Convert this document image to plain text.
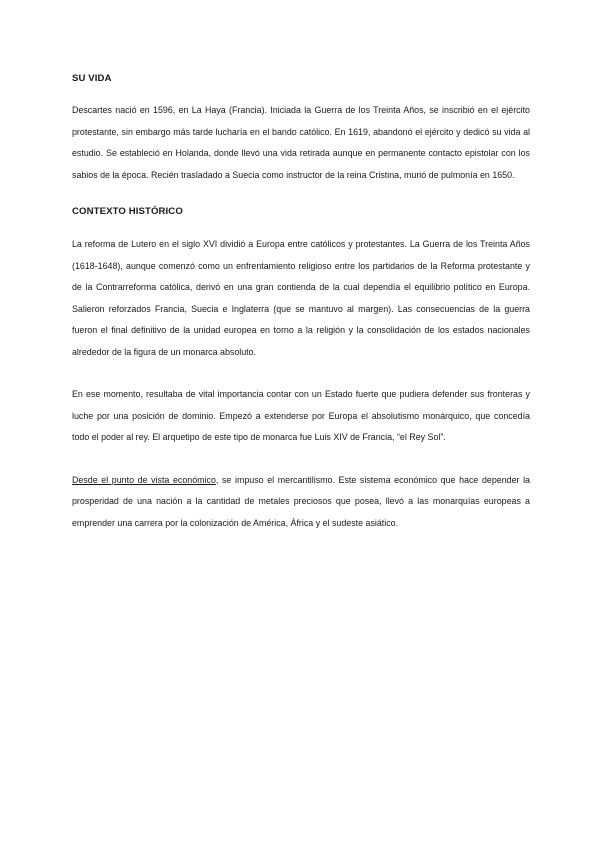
SU VIDA

Descartes nació en 1596, en La Haya (Francia). Iniciada la Guerra de los Treinta Años, se inscribió en el ejército protestante, sin embargo más tarde lucharía en el bando católico. En 1619, abandonó el ejército y dedicó su vida al estudio. Se estableció en Holanda, donde llevó una vida retirada aunque en permanente contacto epistolar con los sabios de la época. Recién trasladado a Suecia como instructor de la reina Cristina, murió de pulmonía en 1650.

CONTEXTO HISTÓRICO

La reforma de Lutero en el siglo XVI dividió a Europa entre católicos y protestantes. La Guerra de los Treinta Años (1618-1648), aunque comenzó como un enfrentamiento religioso entre los partidarios de la Reforma protestante y de la Contrarreforma católica, derivó en una gran contienda de la cual dependía el equilibrio político en Europa. Salieron reforzados Francia, Suecia e Inglaterra (que se mantuvo al margen). Las consecuencias de la guerra fueron el final definitivo de la unidad europea en torno a la religión y la consolidación de los estados nacionales alrededor de la figura de un monarca absoluto.

En ese momento, resultaba de vital importancia contar con un Estado fuerte que pudiera defender sus fronteras y luche por una posición de dominio. Empezó a extenderse por Europa el absolutismo monárquico, que concedía todo el poder al rey. El arquetipo de este tipo de monarca fue Luis XIV de Francia, “el Rey Sol”.

Desde el punto de vista económico, se impuso el mercantilismo. Este sistema económico que hace depender la prosperidad de una nación a la cantidad de metales preciosos que posea, llevó a las monarquías europeas a emprender una carrera por la colonización de América, África y el sudeste asiático.
